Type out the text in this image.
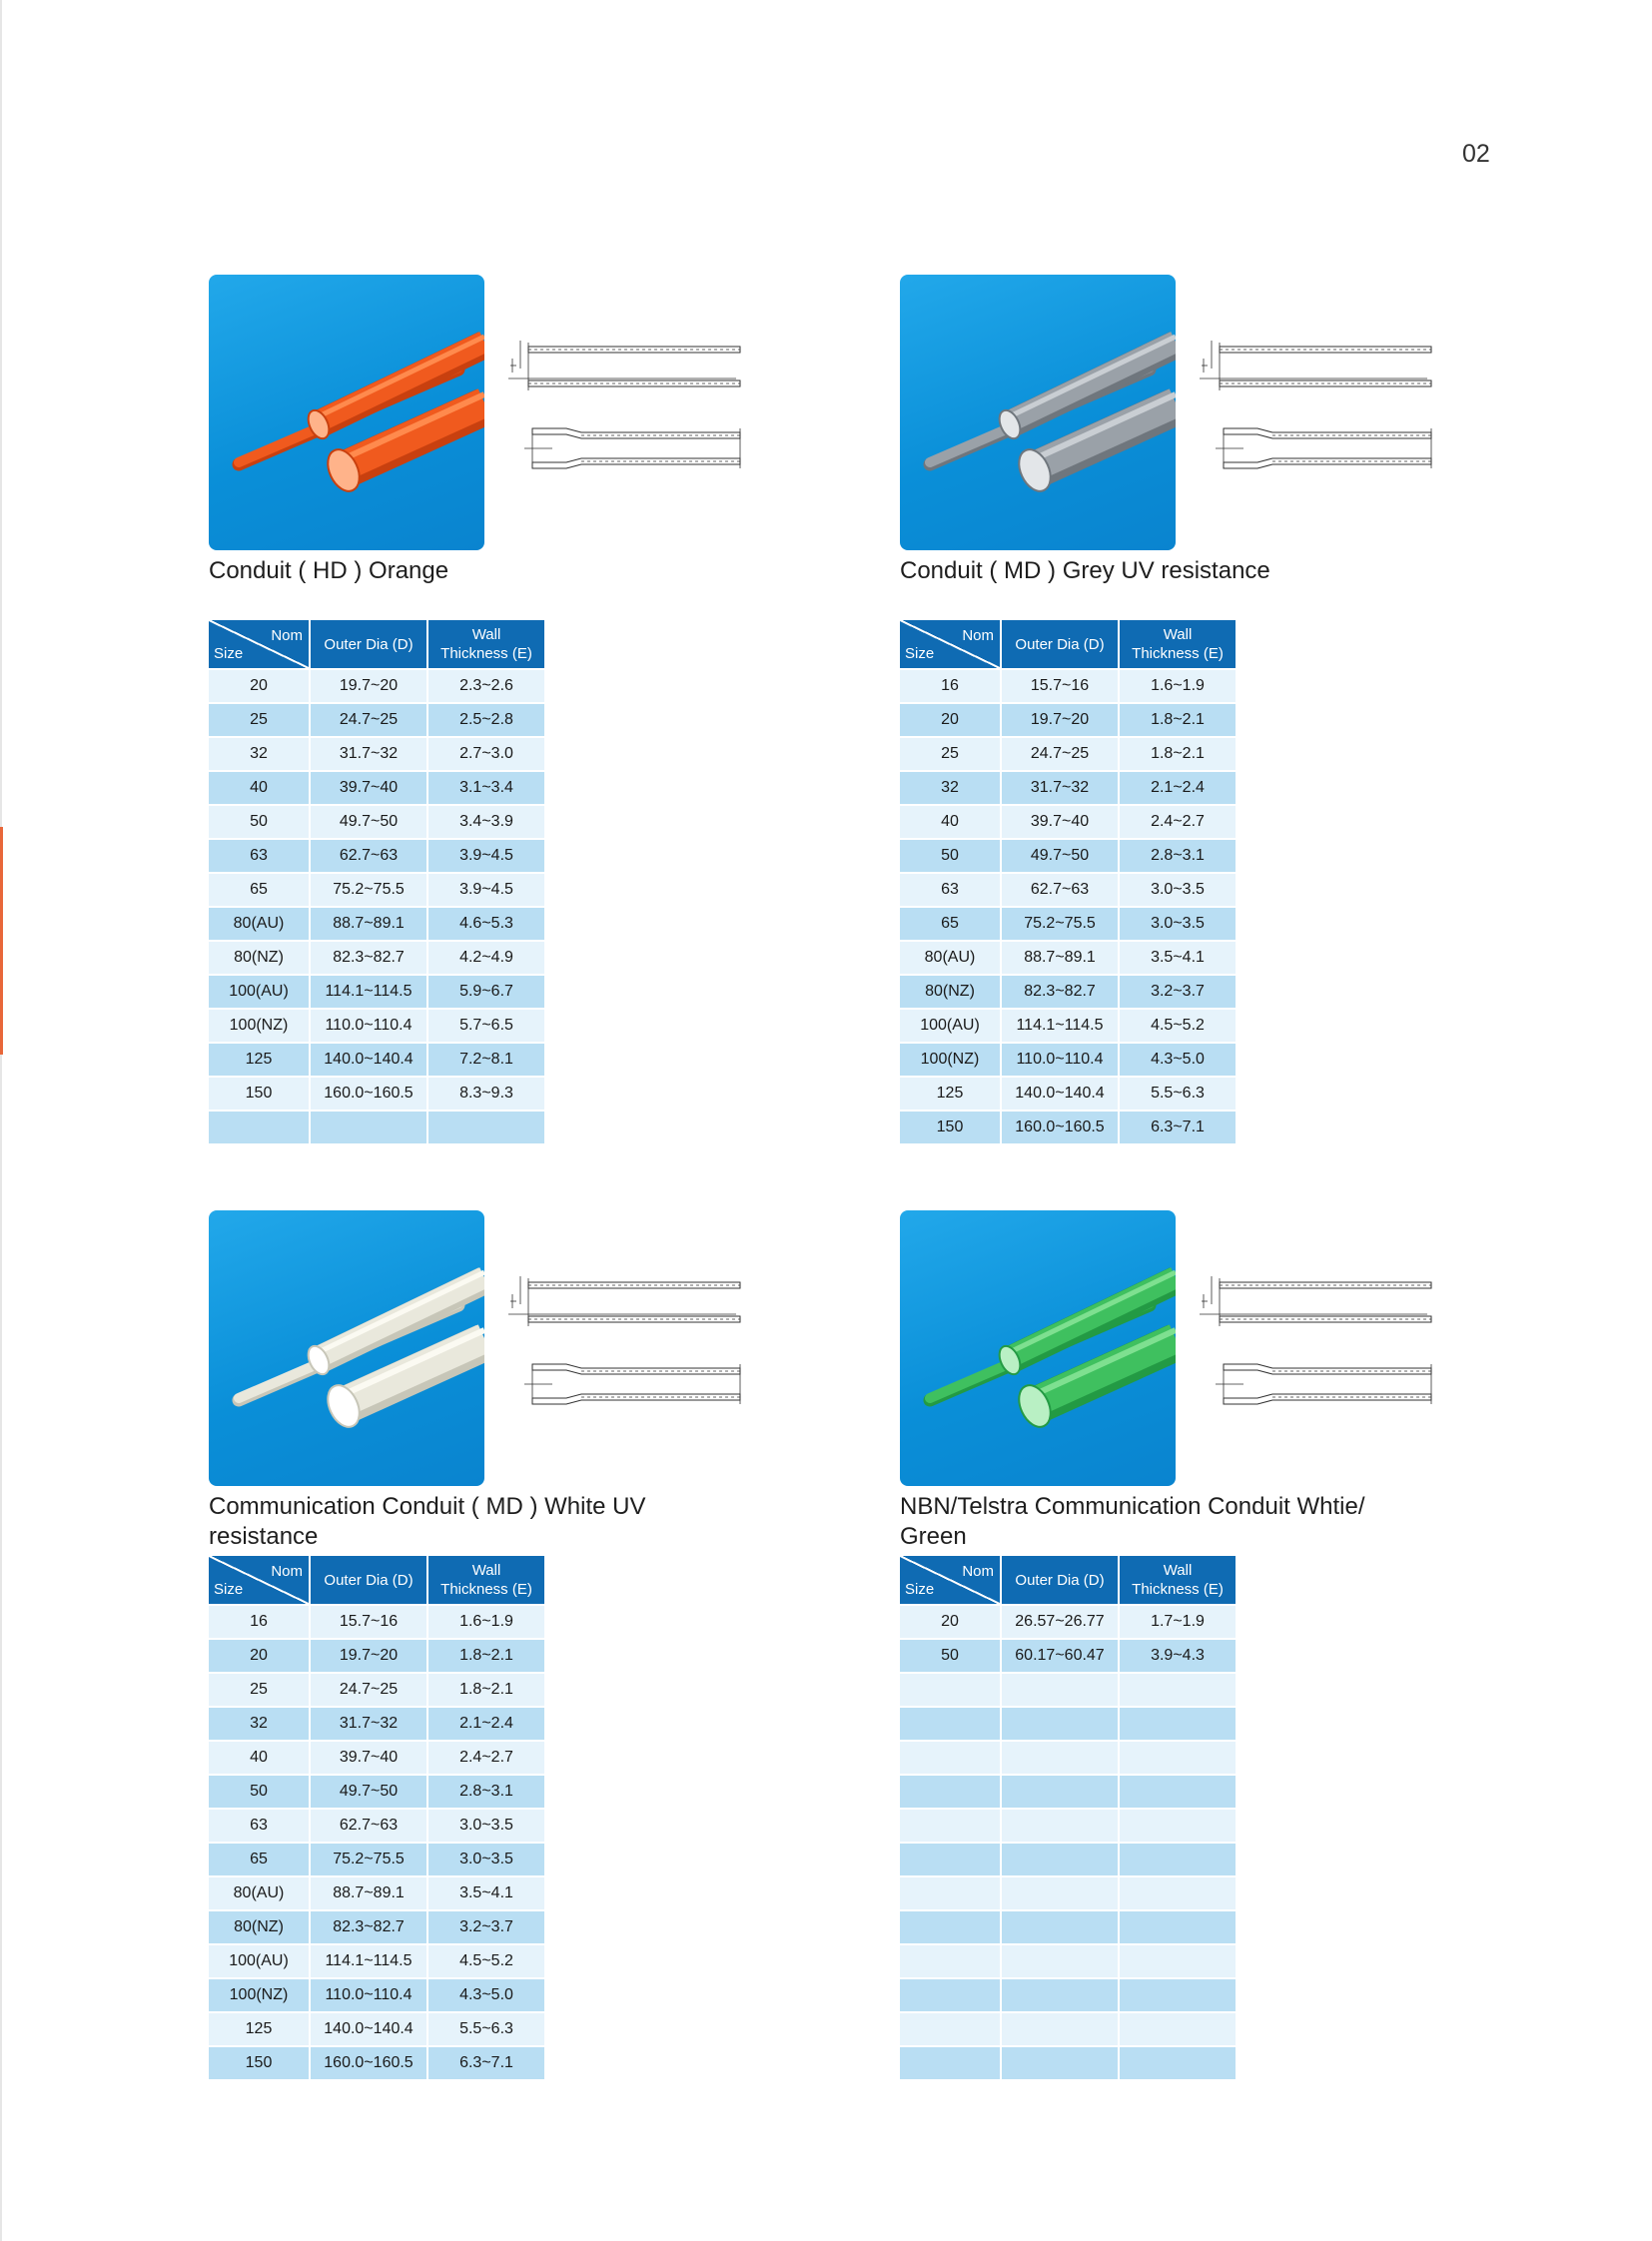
02
Conduit ( HD ) Orange
Nom
Size	Outer Dia (D)	Wall
Thickness (E)
20	19.7~20	2.3~2.6
25	24.7~25	2.5~2.8
32	31.7~32	2.7~3.0
40	39.7~40	3.1~3.4
50	49.7~50	3.4~3.9
63	62.7~63	3.9~4.5
65	75.2~75.5	3.9~4.5
80(AU)	88.7~89.1	4.6~5.3
80(NZ)	82.3~82.7	4.2~4.9
100(AU)	114.1~114.5	5.9~6.7
100(NZ)	110.0~110.4	5.7~6.5
125	140.0~140.4	7.2~8.1
150	160.0~160.5	8.3~9.3

Conduit ( MD ) Grey UV resistance
Nom
Size	Outer Dia (D)	Wall
Thickness (E)
16	15.7~16	1.6~1.9
20	19.7~20	1.8~2.1
25	24.7~25	1.8~2.1
32	31.7~32	2.1~2.4
40	39.7~40	2.4~2.7
50	49.7~50	2.8~3.1
63	62.7~63	3.0~3.5
65	75.2~75.5	3.0~3.5
80(AU)	88.7~89.1	3.5~4.1
80(NZ)	82.3~82.7	3.2~3.7
100(AU)	114.1~114.5	4.5~5.2
100(NZ)	110.0~110.4	4.3~5.0
125	140.0~140.4	5.5~6.3
150	160.0~160.5	6.3~7.1
Communication Conduit ( MD ) White UV resistance
Nom
Size	Outer Dia (D)	Wall
Thickness (E)
16	15.7~16	1.6~1.9
20	19.7~20	1.8~2.1
25	24.7~25	1.8~2.1
32	31.7~32	2.1~2.4
40	39.7~40	2.4~2.7
50	49.7~50	2.8~3.1
63	62.7~63	3.0~3.5
65	75.2~75.5	3.0~3.5
80(AU)	88.7~89.1	3.5~4.1
80(NZ)	82.3~82.7	3.2~3.7
100(AU)	114.1~114.5	4.5~5.2
100(NZ)	110.0~110.4	4.3~5.0
125	140.0~140.4	5.5~6.3
150	160.0~160.5	6.3~7.1
NBN/Telstra Communication Conduit Whtie/ Green
Nom
Size	Outer Dia (D)	Wall
Thickness (E)
20	26.57~26.77	1.7~1.9
50	60.17~60.47	3.9~4.3
